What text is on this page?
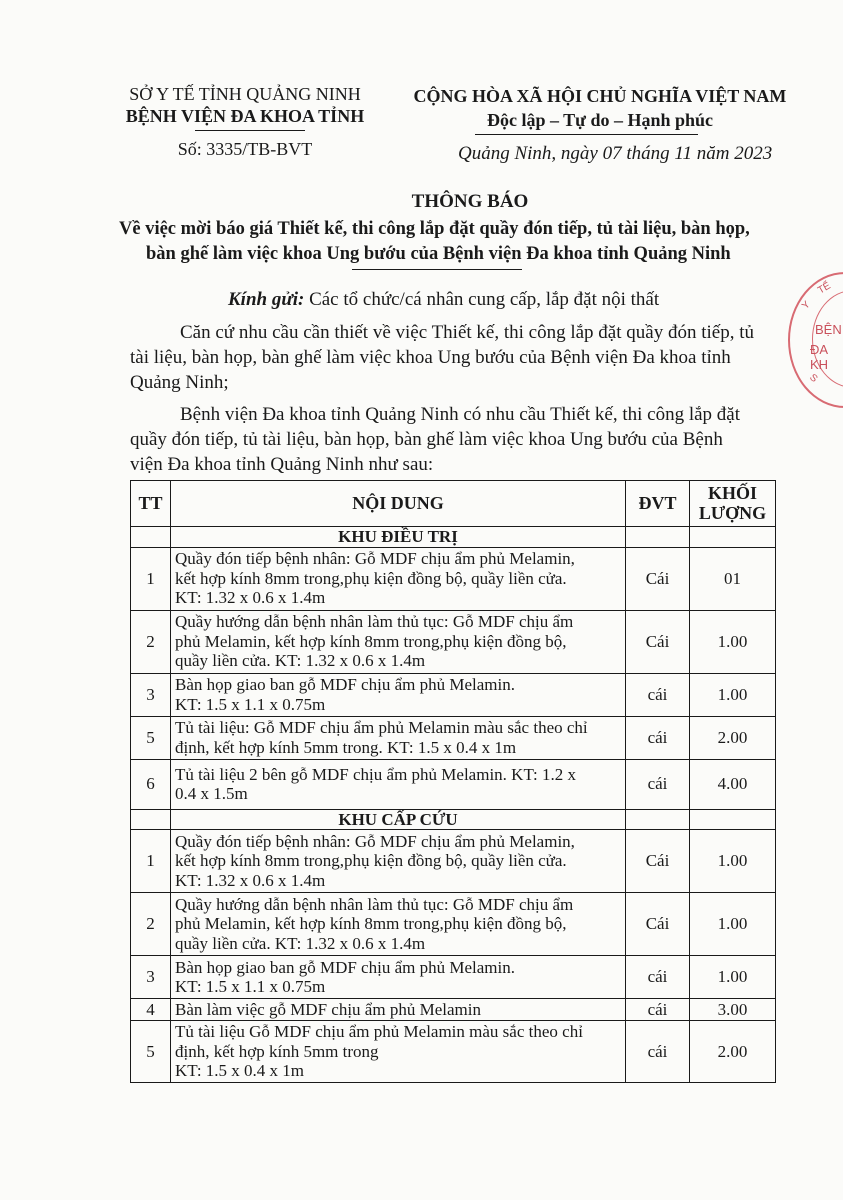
SỞ Y TẾ TỈNH QUẢNG NINH
BỆNH VIỆN ĐA KHOA TỈNH
Số: 3335/TB-BVT
CỘNG HÒA XÃ HỘI CHỦ NGHĨA VIỆT NAM
Độc lập – Tự do – Hạnh phúc
Quảng Ninh, ngày 07 tháng 11 năm 2023
THÔNG BÁO
Về việc mời báo giá Thiết kế, thi công lắp đặt quầy đón tiếp, tủ tài liệu, bàn họp,
bàn ghế làm việc khoa Ung bướu của Bệnh viện Đa khoa tỉnh Quảng Ninh
Kính gửi: Các tổ chức/cá nhân cung cấp, lắp đặt nội thất
Căn cứ nhu cầu cần thiết về việc Thiết kế, thi công lắp đặt quầy đón tiếp, tủ
tài liệu, bàn họp, bàn ghế làm việc khoa Ung bướu của Bệnh viện Đa khoa tỉnh
Quảng Ninh;
Bệnh viện Đa khoa tỉnh Quảng Ninh có nhu cầu Thiết kế, thi công lắp đặt
quầy đón tiếp, tủ tài liệu, bàn họp, bàn ghế làm việc khoa Ung bướu của Bệnh
viện Đa khoa tỉnh Quảng Ninh như sau:
TT	NỘI DUNG	ĐVT	KHỐI
LƯỢNG

	KHU ĐIỀU TRỊ		
1	Quầy đón tiếp bệnh nhân: Gỗ MDF chịu ẩm phủ Melamin,
kết hợp kính 8mm trong,phụ kiện đồng bộ, quầy liền cửa.
KT: 1.32 x 0.6 x 1.4m	Cái	01
2	Quầy hướng dẫn bệnh nhân làm thủ tục: Gỗ MDF chịu ẩm
phủ Melamin, kết hợp kính 8mm trong,phụ kiện đồng bộ,
quầy liền cửa. KT: 1.32 x 0.6 x 1.4m	Cái	1.00
3	Bàn họp giao ban gỗ MDF chịu ẩm phủ Melamin.
KT: 1.5 x 1.1 x 0.75m	cái	1.00
5	Tủ tài liệu: Gỗ MDF chịu ẩm phủ Melamin màu sắc theo chỉ
định, kết hợp kính 5mm trong. KT: 1.5 x 0.4 x 1m	cái	2.00
6	Tủ tài liệu 2 bên gỗ MDF chịu ẩm phủ Melamin. KT: 1.2 x
0.4 x 1.5m	cái	4.00
	KHU CẤP CỨU		
1	Quầy đón tiếp bệnh nhân: Gỗ MDF chịu ẩm phủ Melamin,
kết hợp kính 8mm trong,phụ kiện đồng bộ, quầy liền cửa.
KT: 1.32 x 0.6 x 1.4m	Cái	1.00
2	Quầy hướng dẫn bệnh nhân làm thủ tục: Gỗ MDF chịu ẩm
phủ Melamin, kết hợp kính 8mm trong,phụ kiện đồng bộ,
quầy liền cửa. KT: 1.32 x 0.6 x 1.4m	Cái	1.00
3	Bàn họp giao ban gỗ MDF chịu ẩm phủ Melamin.
KT: 1.5 x 1.1 x 0.75m	cái	1.00
4	Bàn làm việc gỗ MDF chịu ẩm phủ Melamin	cái	3.00
5	Tủ tài liệu Gỗ MDF chịu ẩm phủ Melamin màu sắc theo chỉ
định, kết hợp kính 5mm trong
KT: 1.5 x 0.4 x 1m	cái	2.00
BỆN
ĐA KH
Y
TẾ
S
